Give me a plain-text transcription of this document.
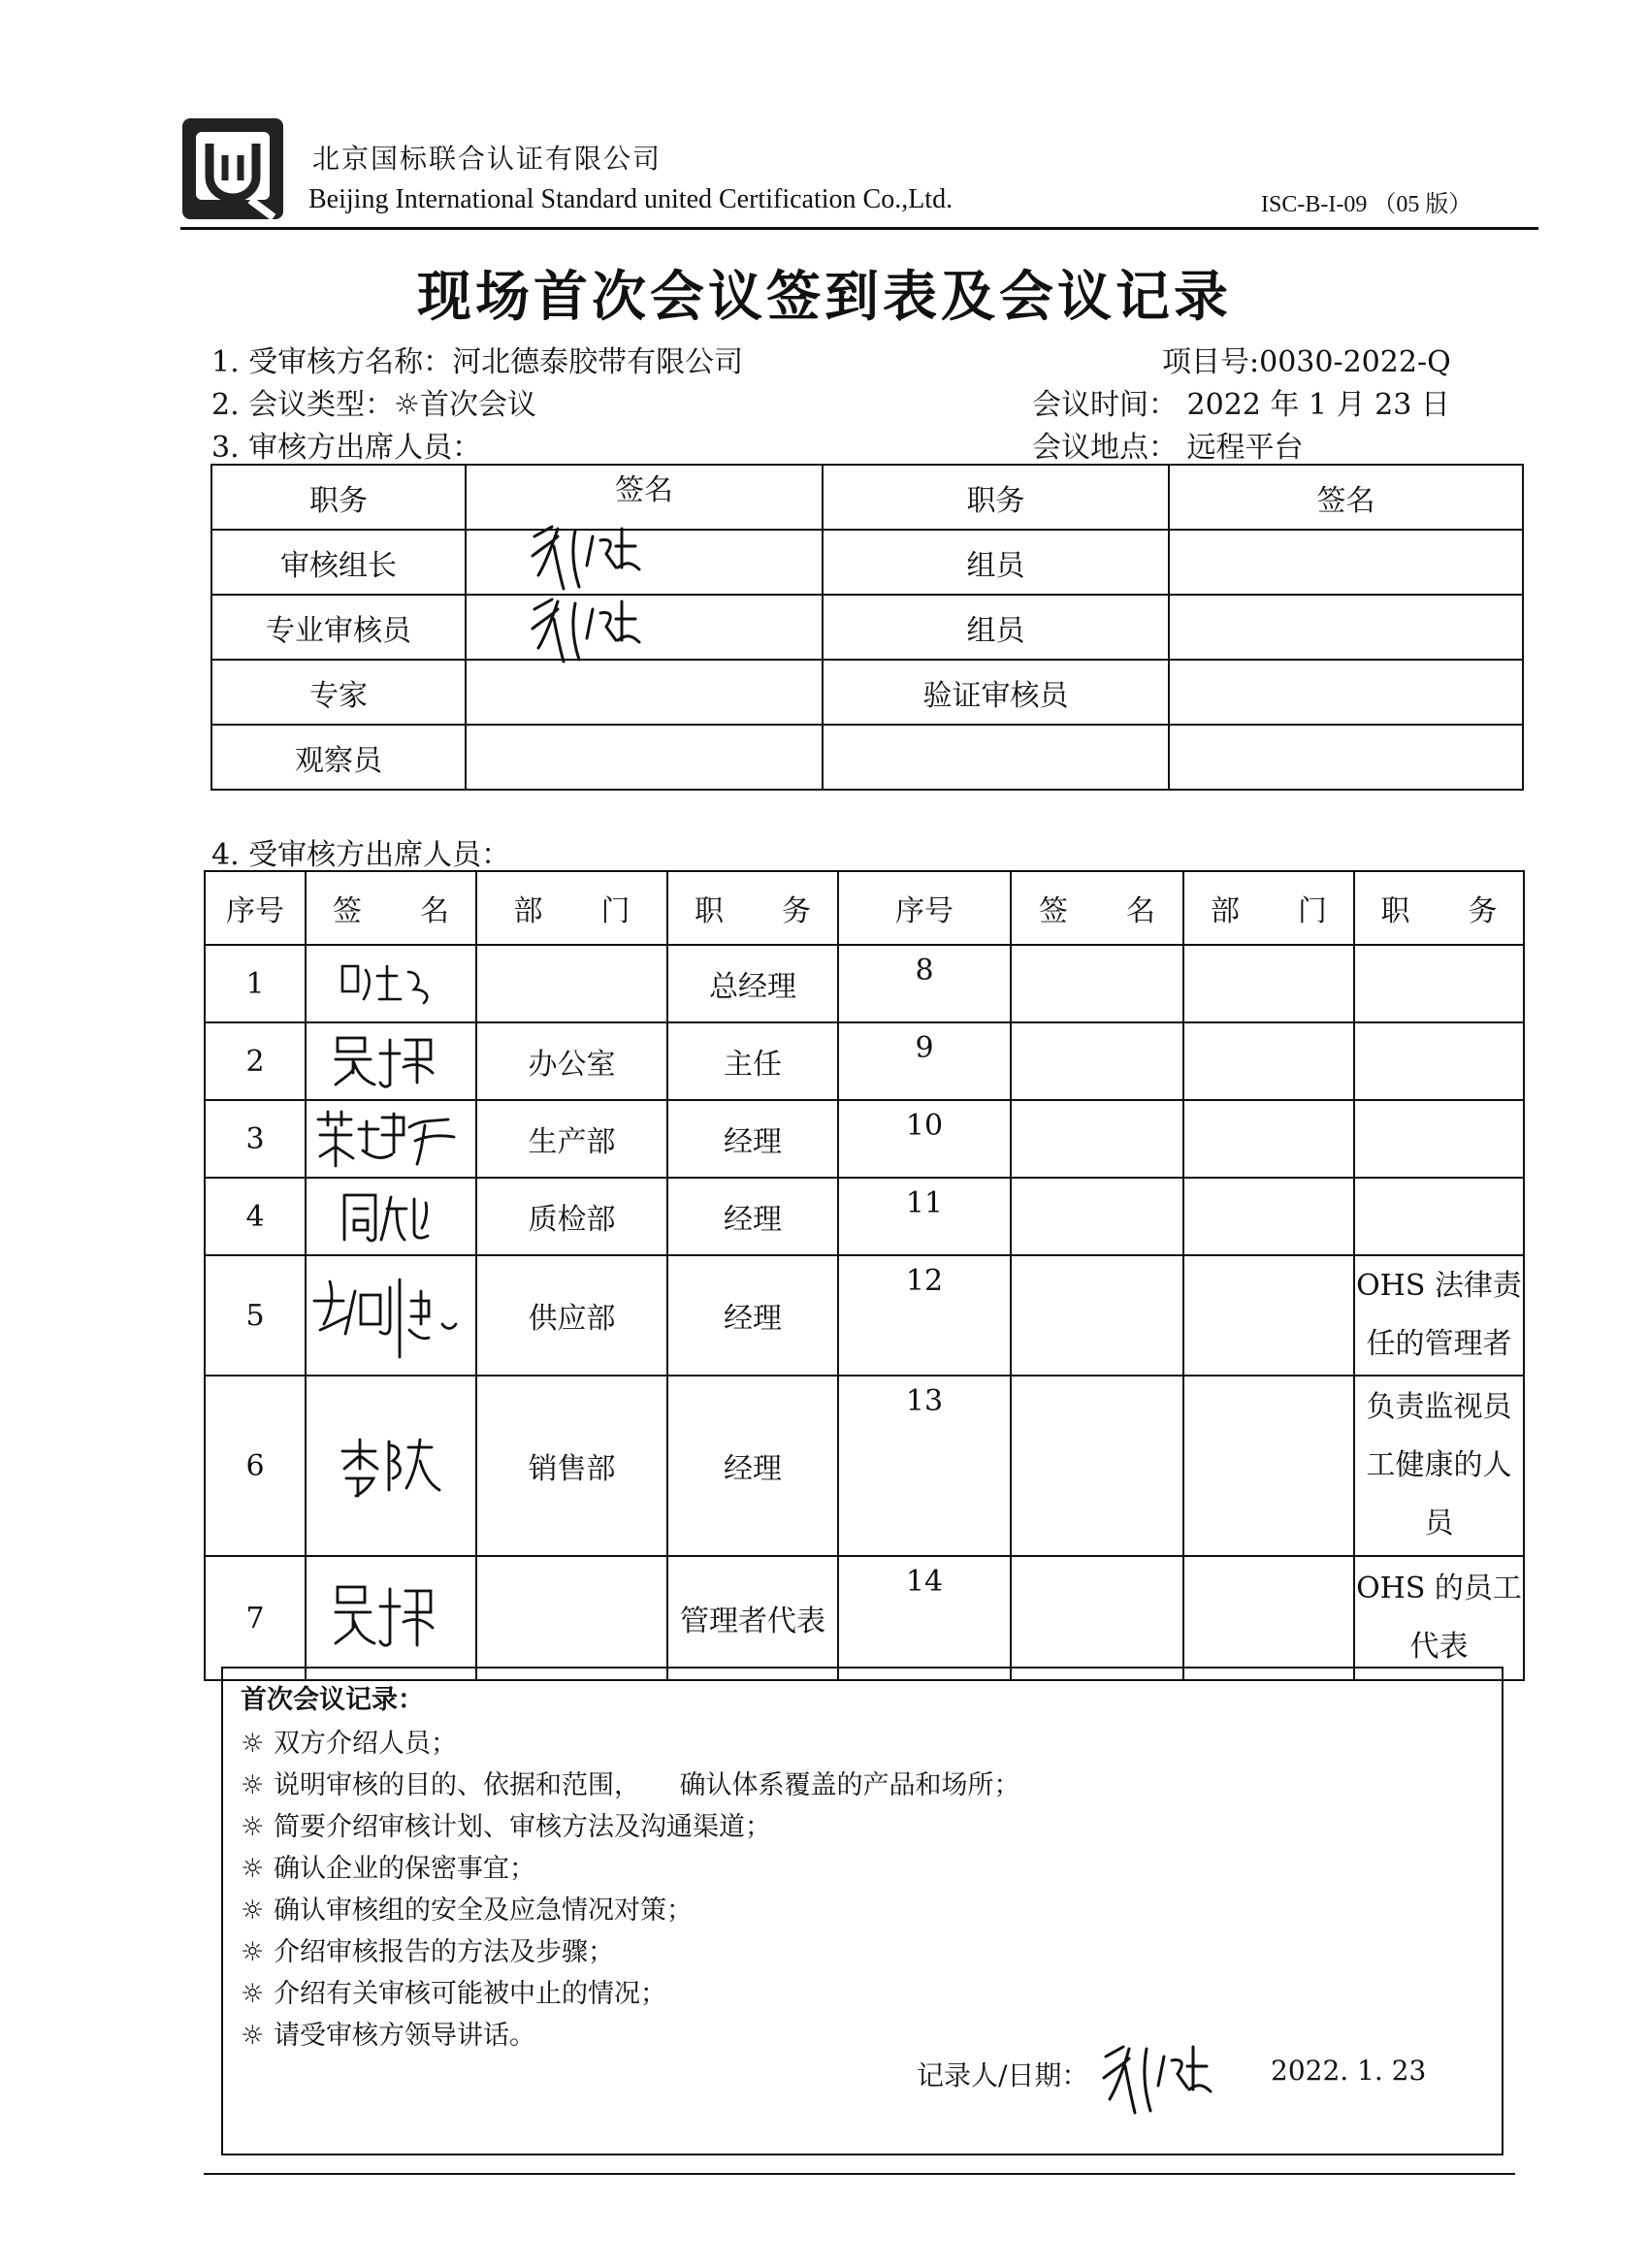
北京国标联合认证有限公司
Beijing International Standard united Certification Co.,Ltd.	ISC-B-I-09 （05 版）
现场首次会议签到表及会议记录
1. 受审核方名称：河北德泰胶带有限公司	项目号:0030-2022-Q
2. 会议类型：☼首次会议	会议时间： 2022 年 1 月 23 日
3. 审核方出席人员：	会议地点： 远程平台
职务	签名	职务	签名
审核组长		组员	
专业审核员		组员	
专家		验证审核员	
观察员			
4. 受审核方出席人员：
序号	签　　名	部　　门	职　　务	序号	签　　名	部　　门	职　　务
1			总经理	8			
2		办公室	主任	9			
3		生产部	经理	10			
4		质检部	经理	11			
5		供应部	经理	12			OHS 法律责任的管理者
6		销售部	经理	13			负责监视员工健康的人员
7			管理者代表	14			OHS 的员工代表
首次会议记录：
☼ 双方介绍人员；
☼ 说明审核的目的、依据和范围，　　确认体系覆盖的产品和场所；
☼ 简要介绍审核计划、审核方法及沟通渠道；
☼ 确认企业的保密事宜；
☼ 确认审核组的安全及应急情况对策；
☼ 介绍审核报告的方法及步骤；
☼ 介绍有关审核可能被中止的情况；
☼ 请受审核方领导讲话。
记录人/日期：	2022. 1. 23
